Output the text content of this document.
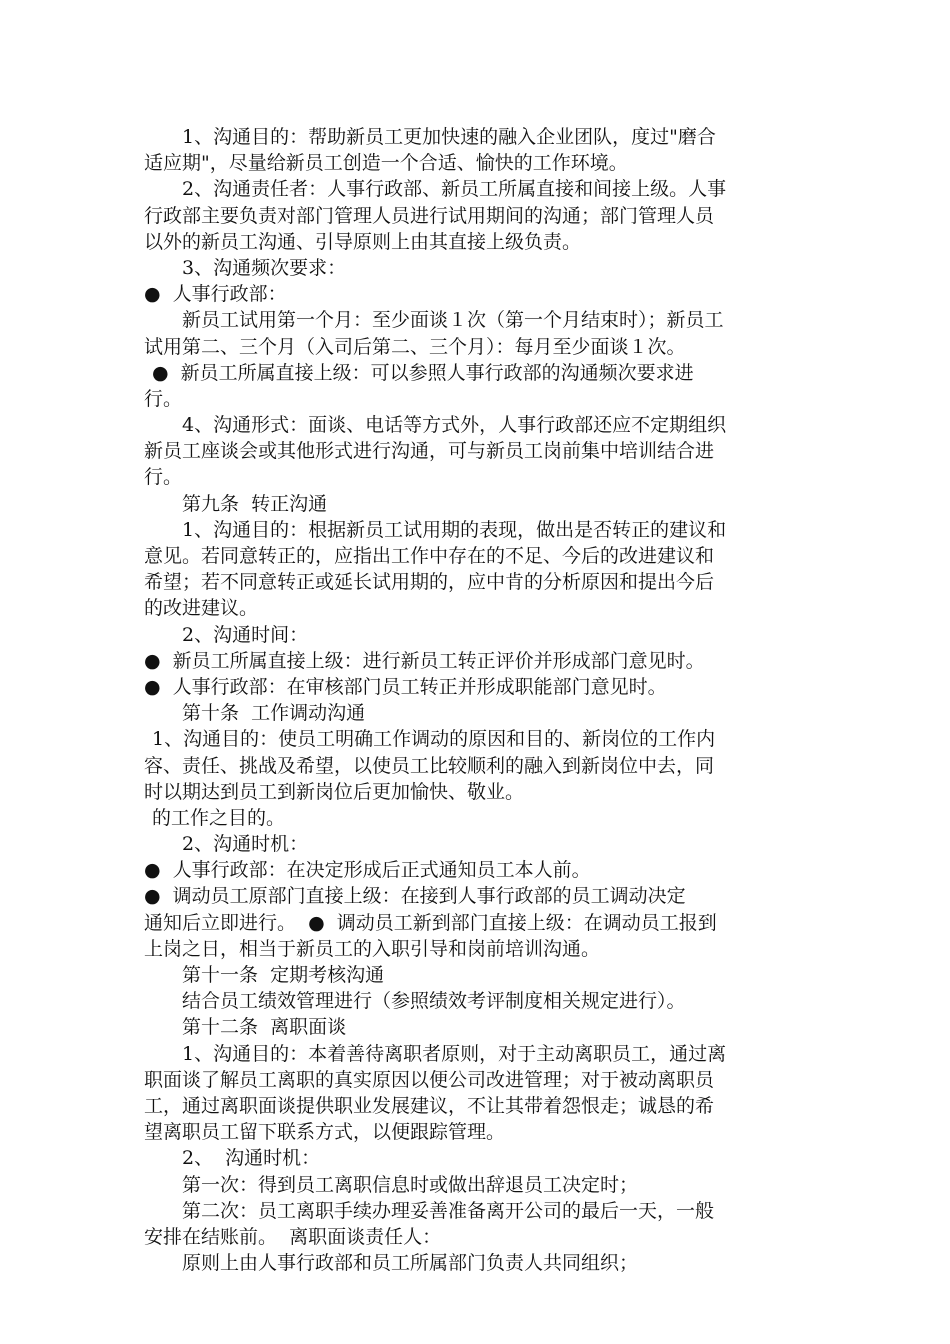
1、沟通目的：帮助新员工更加快速的融入企业团队，度过"磨合
适应期"，尽量给新员工创造一个合适、愉快的工作环境。
2、沟通责任者：人事行政部、新员工所属直接和间接上级。人事
行政部主要负责对部门管理人员进行试用期间的沟通；部门管理人员
以外的新员工沟通、引导原则上由其直接上级负责。
3、沟通频次要求：
●  人事行政部：
新员工试用第一个月：至少面谈１次（第一个月结束时）；新员工
试用第二、三个月（入司后第二、三个月）：每月至少面谈１次。
●  新员工所属直接上级：可以参照人事行政部的沟通频次要求进
行。
4、沟通形式：面谈、电话等方式外，人事行政部还应不定期组织
新员工座谈会或其他形式进行沟通，可与新员工岗前集中培训结合进
行。
第九条  转正沟通
1、沟通目的：根据新员工试用期的表现，做出是否转正的建议和
意见。若同意转正的，应指出工作中存在的不足、今后的改进建议和
希望；若不同意转正或延长试用期的，应中肯的分析原因和提出今后
的改进建议。
2、沟通时间：
●  新员工所属直接上级：进行新员工转正评价并形成部门意见时。
●  人事行政部：在审核部门员工转正并形成职能部门意见时。
第十条  工作调动沟通
1、沟通目的：使员工明确工作调动的原因和目的、新岗位的工作内
容、责任、挑战及希望，以使员工比较顺利的融入到新岗位中去，同
时以期达到员工到新岗位后更加愉快、敬业。
的工作之目的。
2、沟通时机：
●  人事行政部：在决定形成后正式通知员工本人前。
●  调动员工原部门直接上级：在接到人事行政部的员工调动决定
通知后立即进行。  ●  调动员工新到部门直接上级：在调动员工报到
上岗之日，相当于新员工的入职引导和岗前培训沟通。
第十一条  定期考核沟通
结合员工绩效管理进行（参照绩效考评制度相关规定进行）。
第十二条  离职面谈
1、沟通目的：本着善待离职者原则，对于主动离职员工，通过离
职面谈了解员工离职的真实原因以便公司改进管理；对于被动离职员
工，通过离职面谈提供职业发展建议，不让其带着怨恨走；诚恳的希
望离职员工留下联系方式，以便跟踪管理。
2、  沟通时机：
第一次：得到员工离职信息时或做出辞退员工决定时；
第二次：员工离职手续办理妥善准备离开公司的最后一天，一般
安排在结账前。  离职面谈责任人：
原则上由人事行政部和员工所属部门负责人共同组织；
